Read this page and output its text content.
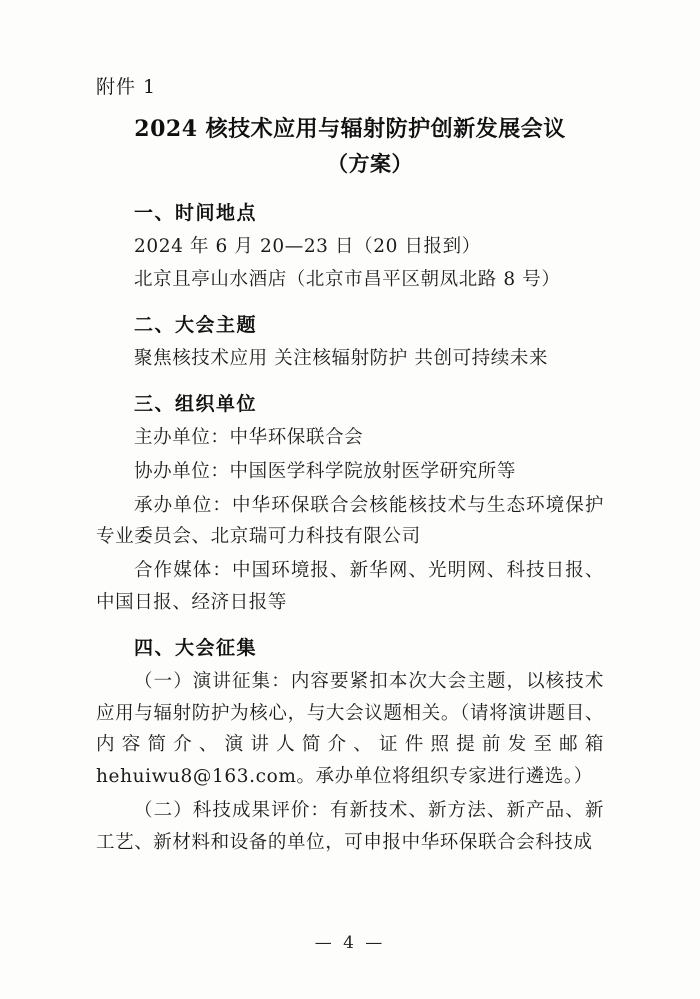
附件 1
2024 核技术应用与辐射防护创新发展会议
（方案）
一、时间地点
2024 年 6 月 20—23 日（20 日报到）
北京且亭山水酒店（北京市昌平区朝凤北路 8 号）
二、大会主题
聚焦核技术应用 关注核辐射防护 共创可持续未来
三、组织单位
主办单位：中华环保联合会
协办单位：中国医学科学院放射医学研究所等
承办单位：中华环保联合会核能核技术与生态环境保护专业委员会、北京瑞可力科技有限公司
合作媒体：中国环境报、新华网、光明网、科技日报、中国日报、经济日报等
四、大会征集
（一）演讲征集：内容要紧扣本次大会主题，以核技术应用与辐射防护为核心，与大会议题相关。（请将演讲题目、内容简介、演讲人简介、证件照提前发至邮箱 hehuiwu8@163.com。承办单位将组织专家进行遴选。）
（二）科技成果评价：有新技术、新方法、新产品、新工艺、新材料和设备的单位，可申报中华环保联合会科技成
— 4 —
